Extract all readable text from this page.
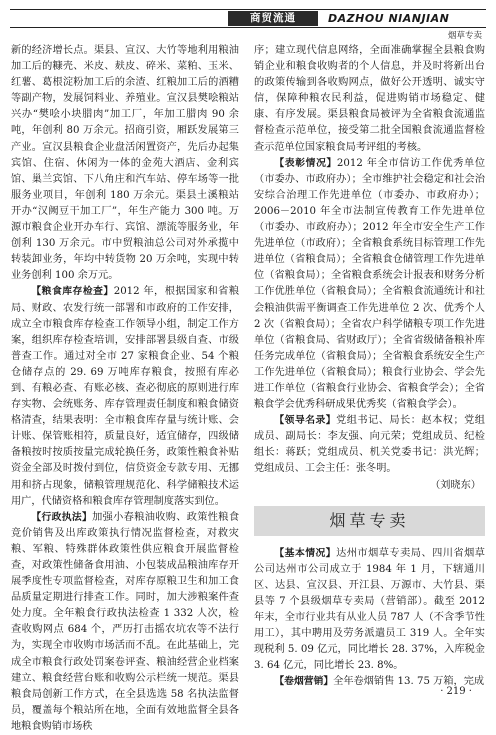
商贸流通	DAZHOU NIANJIAN
烟草专卖

新的经济增长点。渠县、宣汉、大竹等地利用粮油加工后的糠壳、米皮、麸皮、碎米、菜粕、玉米、红薯、葛根淀粉加工后的余渣、红粮加工后的酒糟等副产物，发展饲料业、养殖业。宣汉县樊哙粮站兴办“樊哙小块腊肉”加工厂，年加工腊肉 90 余吨，年创利 80 万余元。招商引资，厢跃发展第三产业。宣汉县粮食企业盘活闲置资产，先后办起集宾馆、住宿、休闲为一体的金苑大酒店、金利宾馆、巢兰宾馆、下八角庄和汽车站、停车场等一批服务业项目，年创利 180 万余元。渠县土溪粮站开办“汉阙豆干加工厂”，年生产能力 300 吨。万源市粮食企业开办车行、宾馆、漂流等服务业，年创利 130 万余元。市中贸粮油总公司对外承揽中转装卸业务，年均中转货物 20 万余吨，实现中转业务创利 100 余万元。

【粮食库存检查】2012 年，根据国家和省粮局、财政、农发行统一部署和市政府的工作安排，成立全市粮食库存检查工作领导小组，制定工作方案，组织库存检查培训，安排部署县级自查、市级普查工作。通过对全市 27 家粮食企业、54 个粮仓储存点的 29. 69 万吨库存粮食，按照有库必到、有粮必查、有账必核、查必彻底的原则进行库存实物、会统账务、库存管理责任制度和粮食储资格清查，结果表明：全市粮食库存量与统计账、会计账、保管账相符，质量良好，适宜储存，四级储备粮按时按质按量完成轮换任务，政策性粮食补贴资金全部及时拨付到位，信贷资金专款专用、无挪用和挤占现象，储粮管理规范化、科学储粮技术运用广，代储资格和粮食库存管理制度落实到位。

【行政执法】加强小春粮油收购、政策性粮食竞价销售及出库政策执行情况监督检查，对救灾粮、军粮、特殊群体政策性供应粮食开展监督检查，对政策性储备食用油、小包装成品粮油库存开展季度性专项监督检查，对库存原粮卫生和加工食品质量定期进行排查工作。同时，加大涉粮案件查处力度。全年粮食行政执法检查 1 332 人次，检查收购网点 684 个，严历打击摇农坑农等不法行为，实现全市收购市场活而不乱。在此基础上，完成全市粮食行政处罚案卷评查、粮油经营企业档案建立、粮食经营台账和收购公示栏统一规范。渠县粮食局创新工作方式，在全县选选 58 名执法监督员，覆盖每个粮站所在地，全面有效地监督全县各地粮食购销市场秩

序；建立现代信息网络，全面准确掌握全县粮食购销企业和粮食收购者的个人信息，并及时将新出台的政策传输到各收购网点，做好公开透明、诚实守信，保障种粮农民利益，促进购销市场稳定、健康、有序发展。渠县粮食局被评为全省粮食流通监督检查示范单位，接受第二批全国粮食流通监督检查示范单位国家粮食局考评组的考核。

【表彰情况】2012 年全市信访工作优秀单位（市委办、市政府办）；全市维护社会稳定和社会治安综合治理工作先进单位（市委办、市政府办）；2006－2010 年全市法制宣传教育工作先进单位（市委办、市政府办）；2012 年全市安全生产工作先进单位（市政府）；全省粮食系统目标管理工作先进单位（省粮食局）；全省粮食仓储管理工作先进单位（省粮食局）；全省粮食系统会计报表和财务分析工作优胜单位（省粮食局）；全省粮食流通统计和社会粮油供需平衡调查工作先进单位 2 次、优秀个人 2 次（省粮食局）；全省农户科学储粮专项工作先进单位（省粮食局、省财政厅）；全省省级储备粮补库任务完成单位（省粮食局）；全省粮食系统安全生产工作先进单位（省粮食局）；粮食行业协会、学会先进工作单位（省粮食行业协会、省粮食学会）；全省粮食学会优秀科研成果优秀奖（省粮食学会）。

【领导名录】党组书记、局长：赵本权；党组成员、副局长：李友强、向元荣；党组成员、纪检组长：蒋跃；党组成员、机关党委书记：洪光辉；党组成员、工会主任：张冬明。

（刘晓东）

烟草专卖

【基本情况】达州市烟草专卖局、四川省烟草公司达州市公司成立于 1984 年 1 月，下辖通川区、达县、宣汉县、开江县、万源市、大竹县、渠县等 7 个县级烟草专卖局（营销部）。截至 2012 年末，全市行业共有从业人员 787 人（不含季节性用工），其中聘用及劳务派遣员工 319 人。全年实现税利 5. 09 亿元，同比增长 28. 37%，入库税金 3. 64 亿元，同比增长 23. 8%。

【卷烟营销】全年卷烟销售 13. 75 万箱，完成

· 219 ·
